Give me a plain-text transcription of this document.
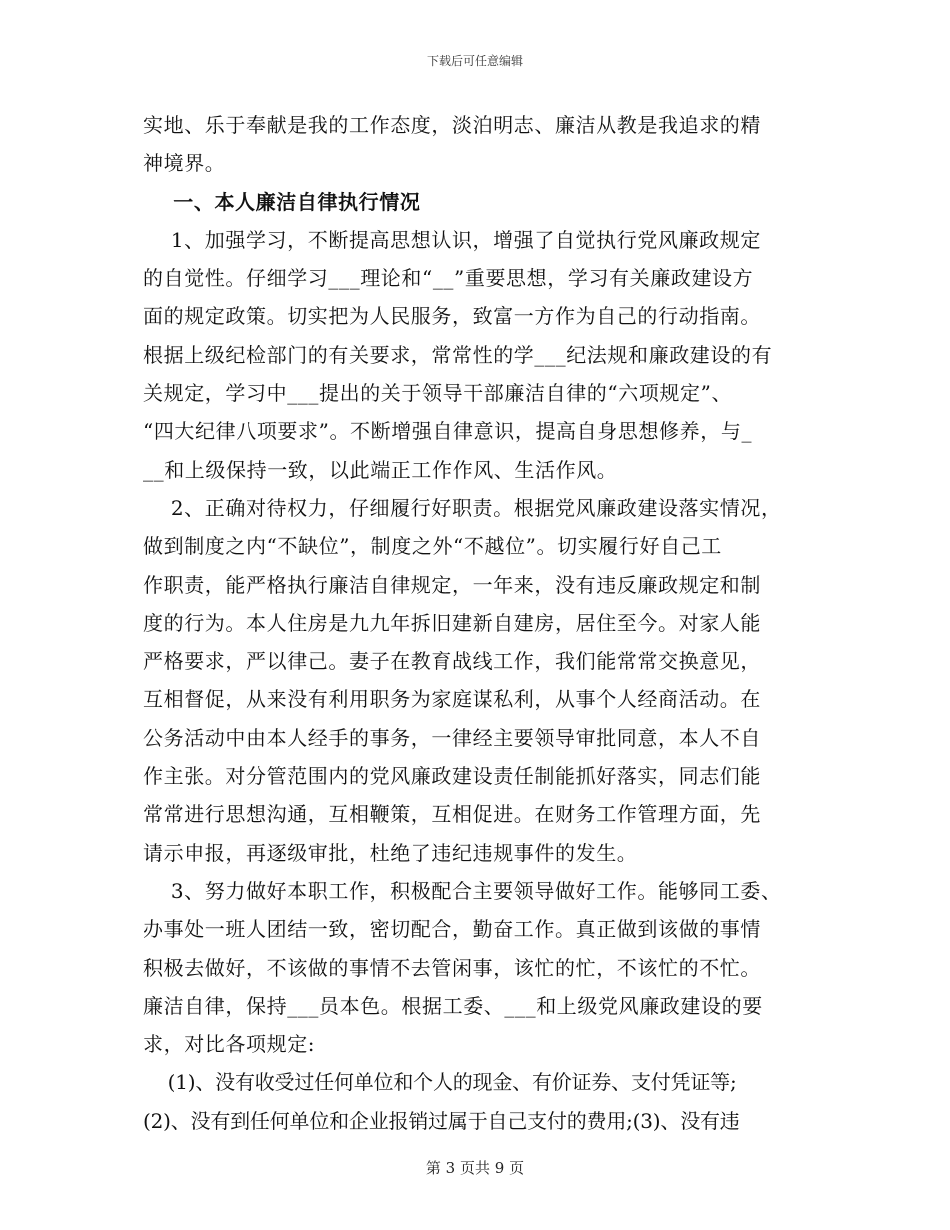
下载后可任意编辑
实地、乐于奉献是我的工作态度，淡泊明志、廉洁从教是我追求的精
神境界。
一、本人廉洁自律执行情况
1、加强学习，不断提高思想认识，增强了自觉执行党风廉政规定
的自觉性。仔细学习___理论和“__”重要思想，学习有关廉政建设方
面的规定政策。切实把为人民服务，致富一方作为自己的行动指南。
根据上级纪检部门的有关要求，常常性的学___纪法规和廉政建设的有
关规定，学习中___提出的关于领导干部廉洁自律的“六项规定”、
“四大纪律八项要求”。不断增强自律意识，提高自身思想修养，与_
__和上级保持一致，以此端正工作作风、生活作风。
2、正确对待权力，仔细履行好职责。根据党风廉政建设落实情况，
做到制度之内“不缺位”，制度之外“不越位”。切实履行好自己工
作职责，能严格执行廉洁自律规定，一年来，没有违反廉政规定和制
度的行为。本人住房是九九年拆旧建新自建房，居住至今。对家人能
严格要求，严以律己。妻子在教育战线工作，我们能常常交换意见，
互相督促，从来没有利用职务为家庭谋私利，从事个人经商活动。在
公务活动中由本人经手的事务，一律经主要领导审批同意，本人不自
作主张。对分管范围内的党风廉政建设责任制能抓好落实，同志们能
常常进行思想沟通，互相鞭策，互相促进。在财务工作管理方面，先
请示申报，再逐级审批，杜绝了违纪违规事件的发生。
3、努力做好本职工作，积极配合主要领导做好工作。能够同工委、
办事处一班人团结一致，密切配合，勤奋工作。真正做到该做的事情
积极去做好，不该做的事情不去管闲事，该忙的忙，不该忙的不忙。
廉洁自律，保持___员本色。根据工委、___和上级党风廉政建设的要
求，对比各项规定:
(1)、没有收受过任何单位和个人的现金、有价证券、支付凭证等;
(2)、没有到任何单位和企业报销过属于自己支付的费用;(3)、没有违
第 3 页共 9 页
